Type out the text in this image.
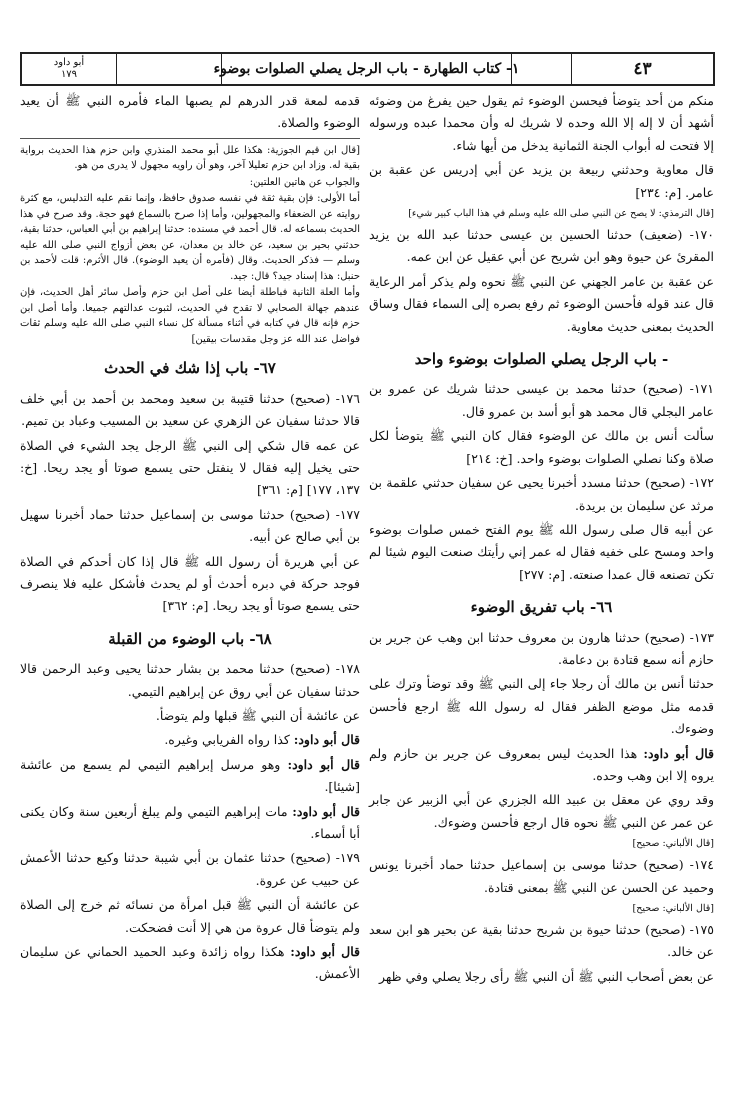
أبو داود
١٧٩	١- كتاب الطهارة - باب الرجل يصلي الصلوات بوضوء	٤٣

منكم من أحد يتوضأ فيحسن الوضوء ثم يقول حين يفرغ من وضوئه أشهد أن لا إله إلا الله وحده لا شريك له وأن محمدا عبده ورسوله إلا فتحت له أبواب الجنة الثمانية يدخل من أيها شاء.

قال معاوية وحدثني ربيعة بن يزيد عن أبي إدريس عن عقبة بن عامر. [م: ٢٣٤]

[قال الترمذي: لا يصح عن النبي صلى الله عليه وسلم في هذا الباب كبير شيء]

١٧٠- (ضعيف) حدثنا الحسين بن عيسى حدثنا عبد الله بن يزيد المقرئ عن حيوة وهو ابن شريح عن أبي عقيل عن ابن عمه.

عن عقبة بن عامر الجهني عن النبي ﷺ نحوه ولم يذكر أمر الرعاية قال عند قوله فأحسن الوضوء ثم رفع بصره إلى السماء فقال وساق الحديث بمعنى حديث معاوية.

- باب الرجل يصلي الصلوات بوضوء واحد

١٧١- (صحيح) حدثنا محمد بن عيسى حدثنا شريك عن عمرو بن عامر البجلي قال محمد هو أبو أسد بن عمرو قال.

سألت أنس بن مالك عن الوضوء فقال كان النبي ﷺ يتوضأ لكل صلاة وكنا نصلي الصلوات بوضوء واحد. [خ: ٢١٤]

١٧٢- (صحيح) حدثنا مسدد أخبرنا يحيى عن سفيان حدثني علقمة بن مرثد عن سليمان بن بريدة.

عن أبيه قال صلى رسول الله ﷺ يوم الفتح خمس صلوات بوضوء واحد ومسح على خفيه فقال له عمر إني رأيتك صنعت اليوم شيئا لم تكن تصنعه قال عمدا صنعته. [م: ٢٧٧]

٦٦- باب تفريق الوضوء

١٧٣- (صحيح) حدثنا هارون بن معروف حدثنا ابن وهب عن جرير بن حازم أنه سمع قتادة بن دعامة.

حدثنا أنس بن مالك أن رجلا جاء إلى النبي ﷺ وقد توضأ وترك على قدمه مثل موضع الظفر فقال له رسول الله ﷺ ارجع فأحسن وضوءك.

قال أبو داود: هذا الحديث ليس بمعروف عن جرير بن حازم ولم يروه إلا ابن وهب وحده.

وقد روي عن معقل بن عبيد الله الجزري عن أبي الزبير عن جابر عن عمر عن النبي ﷺ نحوه قال ارجع فأحسن وضوءك.

[قال الألباني: صحيح]

١٧٤- (صحيح) حدثنا موسى بن إسماعيل حدثنا حماد أخبرنا يونس وحميد عن الحسن عن النبي ﷺ بمعنى قتادة.

[قال الألباني: صحيح]

١٧٥- (صحيح) حدثنا حيوة بن شريح حدثنا بقية عن بحير هو ابن سعد عن خالد.

عن بعض أصحاب النبي ﷺ أن النبي ﷺ رأى رجلا يصلي وفي ظهر

قدمه لمعة قدر الدرهم لم يصبها الماء فأمره النبي ﷺ أن يعيد الوضوء والصلاة.

[قال ابن قيم الجوزية: هكذا علل أبو محمد المنذري وابن حزم هذا الحديث برواية بقية له. وزاد ابن حزم تعليلا آخر، وهو أن راويه مجهول لا يدرى من هو.

والجواب عن هاتين العلتين:

أما الأولى: فإن بقية ثقة في نفسه صدوق حافظ، وإنما نقم عليه التدليس، مع كثرة روايته عن الضعفاء والمجهولين، وأما إذا صرح بالسماع فهو حجة. وقد صرح في هذا الحديث بسماعه له. قال أحمد في مسنده: حدثنا إبراهيم بن أبي العباس، حدثنا بقية، حدثني بحير بن سعيد، عن خالد بن معدان، عن بعض أزواج النبي صلى الله عليه وسلم — فذكر الحديث. وقال (فأمره أن يعيد الوضوء). قال الأثرم: قلت لأحمد بن حنبل: هذا إسناد جيد؟ قال: جيد.

وأما العلة الثانية فباطلة أيضا على أصل ابن حزم وأصل سائر أهل الحديث، فإن عندهم جهالة الصحابي لا تقدح في الحديث، لثبوت عدالتهم جميعا. وأما أصل ابن حزم فإنه قال في كتابه في أثناء مسألة كل نساء النبي صلى الله عليه وسلم ثقات فواضل عند الله عز وجل مقدسات بيقين]

٦٧- باب إذا شك في الحدث

١٧٦- (صحيح) حدثنا قتيبة بن سعيد ومحمد بن أحمد بن أبي خلف قالا حدثنا سفيان عن الزهري عن سعيد بن المسيب وعباد بن تميم.

عن عمه قال شكي إلى النبي ﷺ الرجل يجد الشيء في الصلاة حتى يخيل إليه فقال لا ينفتل حتى يسمع صوتا أو يجد ريحا. [خ: ١٣٧، ١٧٧] [م: ٣٦١]

١٧٧- (صحيح) حدثنا موسى بن إسماعيل حدثنا حماد أخبرنا سهيل بن أبي صالح عن أبيه.

عن أبي هريرة أن رسول الله ﷺ قال إذا كان أحدكم في الصلاة فوجد حركة في دبره أحدث أو لم يحدث فأشكل عليه فلا ينصرف حتى يسمع صوتا أو يجد ريحا. [م: ٣٦٢]

٦٨- باب الوضوء من القبلة

١٧٨- (صحيح) حدثنا محمد بن بشار حدثنا يحيى وعبد الرحمن قالا حدثنا سفيان عن أبي روق عن إبراهيم التيمي.

عن عائشة أن النبي ﷺ قبلها ولم يتوضأ.

قال أبو داود: كذا رواه الفريابي وغيره.

قال أبو داود: وهو مرسل إبراهيم التيمي لم يسمع من عائشة [شيئا].

قال أبو داود: مات إبراهيم التيمي ولم يبلغ أربعين سنة وكان يكنى أبا أسماء.

١٧٩- (صحيح) حدثنا عثمان بن أبي شيبة حدثنا وكيع حدثنا الأعمش عن حبيب عن عروة.

عن عائشة أن النبي ﷺ قبل امرأة من نسائه ثم خرج إلى الصلاة ولم يتوضأ قال عروة من هي إلا أنت فضحكت.

قال أبو داود: هكذا رواه زائدة وعبد الحميد الحماني عن سليمان الأعمش.
